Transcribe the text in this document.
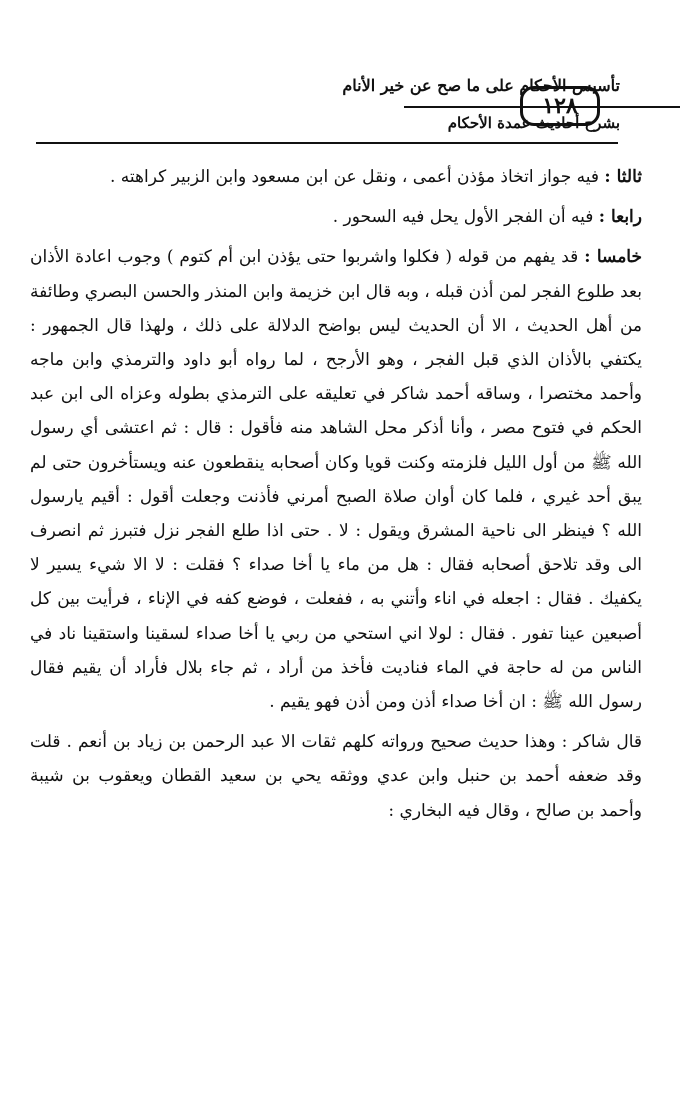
تأسيس الأحكام على ما صح عن خير الأنام
١٢٨
بشرح أحاديث عمدة الأحكام

ثالثا : فيه جواز اتخاذ مؤذن أعمى ، ونقل عن ابن مسعود وابن الزبير كراهته .

رابعا : فيه أن الفجر الأول يحل فيه السحور .

خامسا : قد يفهم من قوله ( فكلوا واشربوا حتى يؤذن ابن أم كتوم ) وجوب اعادة الأذان بعد طلوع الفجر لمن أذن قبله ، وبه قال ابن خزيمة وابن المنذر والحسن البصري وطائفة من أهل الحديث ، الا أن الحديث ليس بواضح الدلالة على ذلك ، ولهذا قال الجمهور : يكتفي بالأذان الذي قبل الفجر ، وهو الأرجح ، لما رواه أبو داود والترمذي وابن ماجه وأحمد مختصرا ، وساقه أحمد شاكر في تعليقه على الترمذي بطوله وعزاه الى ابن عبد الحكم في فتوح مصر ، وأنا أذكر محل الشاهد منه فأقول : قال : ثم اعتشى أي رسول الله ﷺ من أول الليل فلزمته وكنت قويا وكان أصحابه ينقطعون عنه ويستأخرون حتى لم يبق أحد غيري ، فلما كان أوان صلاة الصبح أمرني فأذنت وجعلت أقول : أقيم يارسول الله ؟ فينظر الى ناحية المشرق ويقول : لا . حتى اذا طلع الفجر نزل فتبرز ثم انصرف الى وقد تلاحق أصحابه فقال : هل من ماء يا أخا صداء ؟ فقلت : لا الا شيء يسير لا يكفيك . فقال : اجعله في اناء وأتني به ، ففعلت ، فوضع كفه في الإناء ، فرأيت بين كل أصبعين عينا تفور . فقال : لولا اني استحي من ربي يا أخا صداء لسقينا واستقينا ناد في الناس من له حاجة في الماء فناديت فأخذ من أراد ، ثم جاء بلال فأراد أن يقيم فقال رسول الله ﷺ : ان أخا صداء أذن ومن أذن فهو يقيم .

قال شاكر : وهذا حديث صحيح ورواته كلهم ثقات الا عبد الرحمن بن زياد بن أنعم . قلت وقد ضعفه أحمد بن حنبل وابن عدي ووثقه يحي بن سعيد القطان ويعقوب بن شيبة وأحمد بن صالح ، وقال فيه البخاري :
